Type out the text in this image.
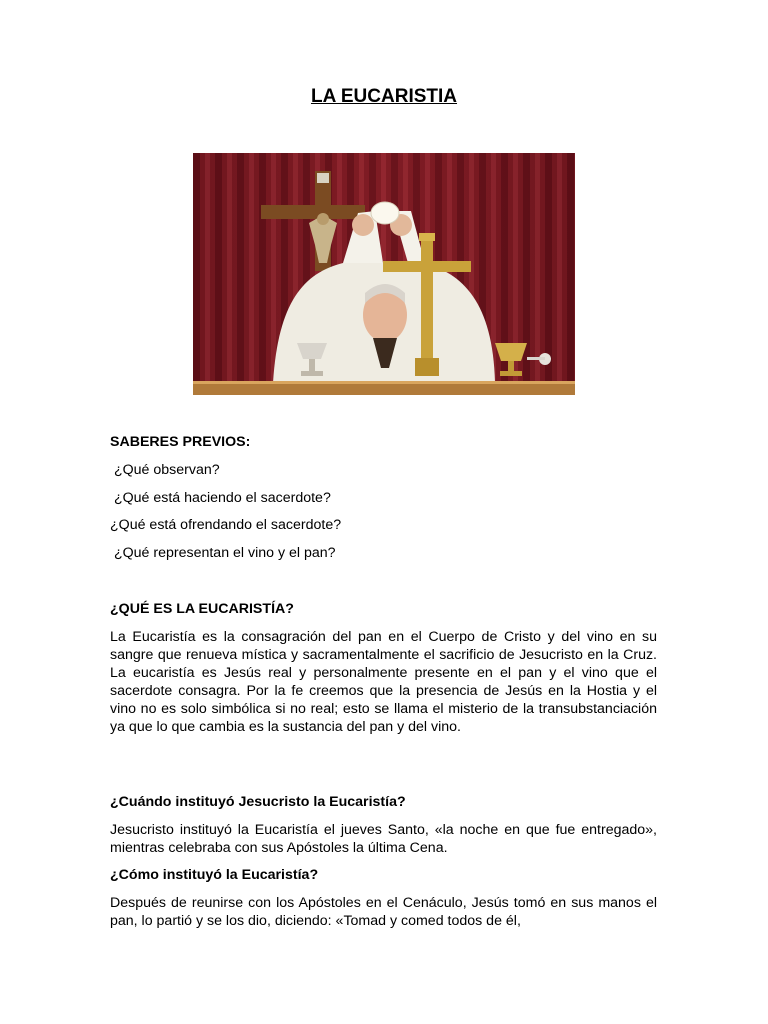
LA EUCARISTIA
SABERES PREVIOS:
¿Qué observan?
¿Qué está haciendo el sacerdote?
¿Qué está ofrendando el sacerdote?
¿Qué representan el vino y el pan?
¿QUÉ ES LA EUCARISTÍA?
La Eucaristía es la consagración del pan en el Cuerpo de Cristo y del vino en su sangre que renueva mística y sacramentalmente el sacrificio de Jesucristo en la Cruz. La eucaristía es Jesús real y personalmente presente en el pan y el vino que el sacerdote consagra. Por la fe creemos que la presencia de Jesús en la Hostia y el vino no es solo simbólica si no real; esto se llama el misterio de la transubstanciación ya que lo que cambia es la sustancia del pan y del vino.
¿Cuándo instituyó Jesucristo la Eucaristía?
Jesucristo instituyó la Eucaristía el jueves Santo, «la noche en que fue entregado», mientras celebraba con sus Apóstoles la última Cena.
¿Cómo instituyó la Eucaristía?
Después de reunirse con los Apóstoles en el Cenáculo, Jesús tomó en sus manos el pan, lo partió y se los dio, diciendo: «Tomad y comed todos de él,
